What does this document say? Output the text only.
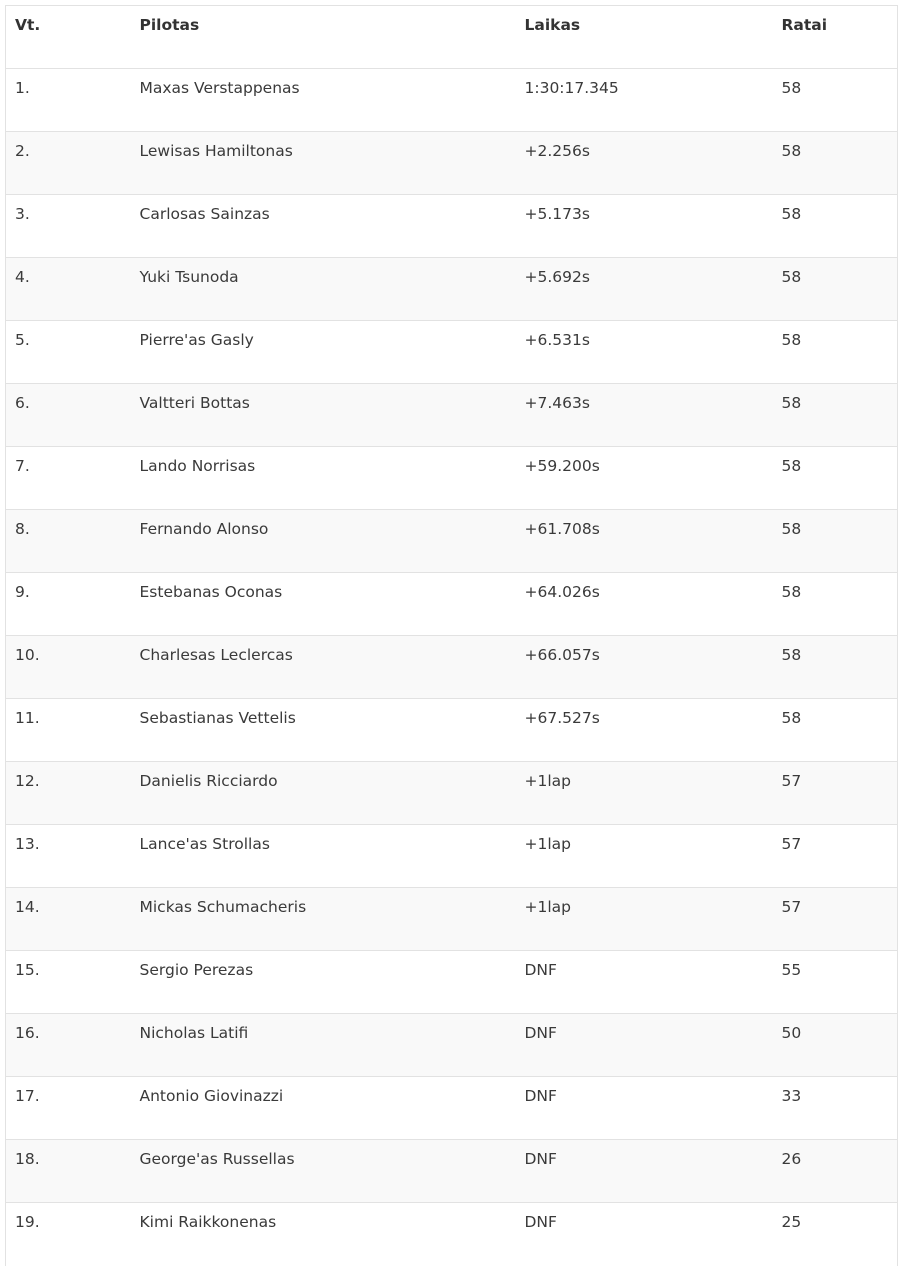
Vt.	Pilotas	Laikas	Ratai
1.	Maxas Verstappenas	1:30:17.345	58
2.	Lewisas Hamiltonas	+2.256s	58
3.	Carlosas Sainzas	+5.173s	58
4.	Yuki Tsunoda	+5.692s	58
5.	Pierre'as Gasly	+6.531s	58
6.	Valtteri Bottas	+7.463s	58
7.	Lando Norrisas	+59.200s	58
8.	Fernando Alonso	+61.708s	58
9.	Estebanas Oconas	+64.026s	58
10.	Charlesas Leclercas	+66.057s	58
11.	Sebastianas Vettelis	+67.527s	58
12.	Danielis Ricciardo	+1lap	57
13.	Lance'as Strollas	+1lap	57
14.	Mickas Schumacheris	+1lap	57
15.	Sergio Perezas	DNF	55
16.	Nicholas Latifi	DNF	50
17.	Antonio Giovinazzi	DNF	33
18.	George'as Russellas	DNF	26
19.	Kimi Raikkonenas	DNF	25
